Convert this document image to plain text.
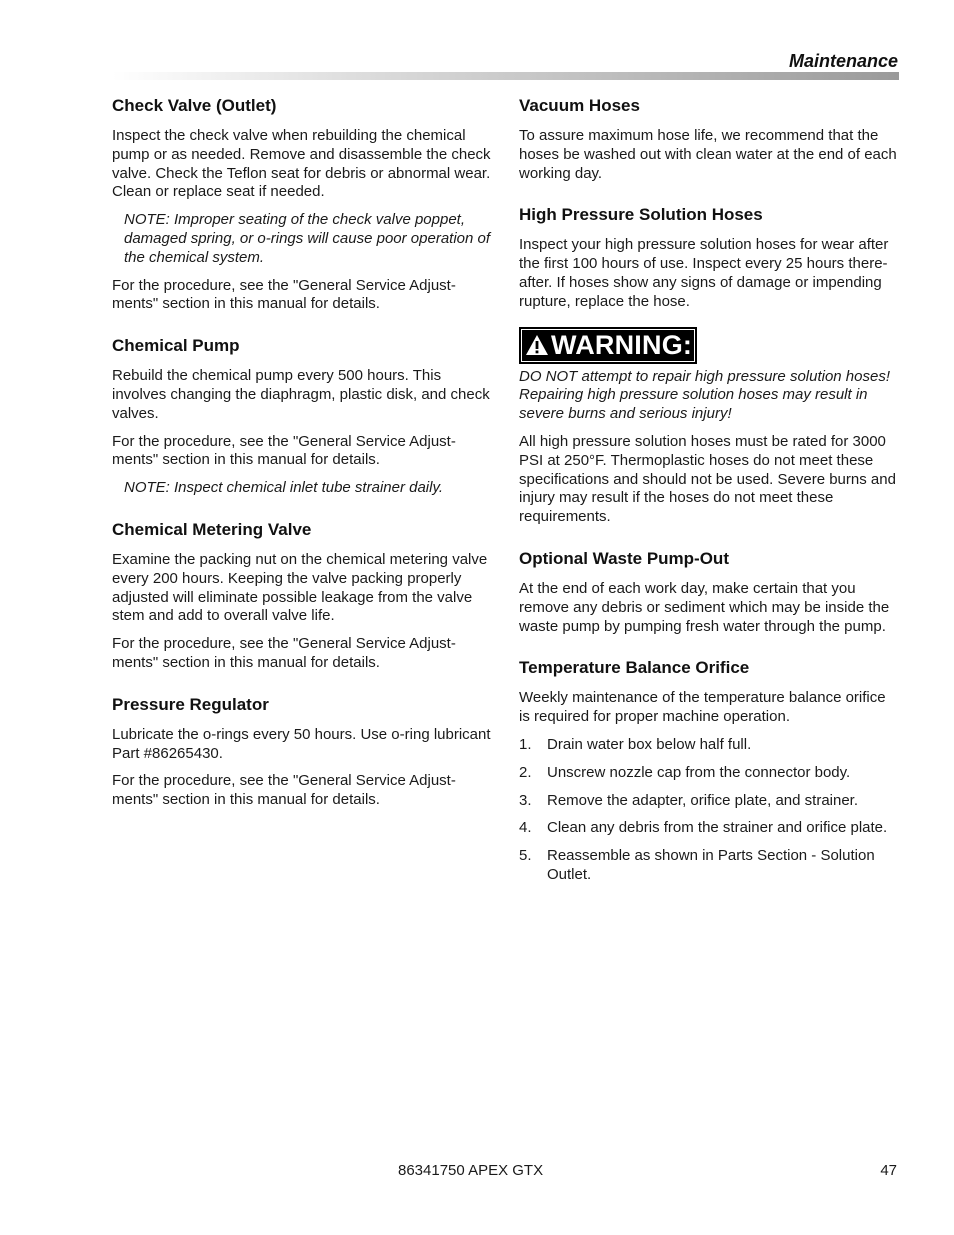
Maintenance
Check Valve (Outlet)

Inspect the check valve when rebuilding the chemical pump or as needed. Remove and disassemble the check valve. Check the Teflon seat for debris or abnormal wear. Clean or replace seat if needed.

NOTE: Improper seating of the check valve poppet, damaged spring, or o-rings will cause poor operation of the chemical system.

For the procedure, see the "General Service Adjust-ments" section in this manual for details.

Chemical Pump

Rebuild the chemical pump every 500 hours. This involves changing the diaphragm, plastic disk, and check valves.

For the procedure, see the "General Service Adjust-ments" section in this manual for details.

NOTE: Inspect chemical inlet tube strainer daily.

Chemical Metering Valve

Examine the packing nut on the chemical metering valve every 200 hours. Keeping the valve packing properly adjusted will eliminate possible leakage from the valve stem and add to overall valve life.

For the procedure, see the "General Service Adjust-ments" section in this manual for details.

Pressure Regulator

Lubricate the o-rings every 50 hours. Use o-ring lubricant Part #86265430.

For the procedure, see the "General Service Adjust-ments" section in this manual for details.

Vacuum Hoses

To assure maximum hose life, we recommend that the hoses be washed out with clean water at the end of each working day.

High Pressure Solution Hoses

Inspect your high pressure solution hoses for wear after the first 100 hours of use. Inspect every 25 hours there-after. If hoses show any signs of damage or impending rupture, replace the hose.

WARNING:

DO NOT attempt to repair high pressure solution hoses! Repairing high pressure solution hoses may result in severe burns and serious injury!

All high pressure solution hoses must be rated for 3000 PSI at 250°F. Thermoplastic hoses do not meet these specifications and should not be used. Severe burns and injury may result if the hoses do not meet these requirements.

Optional Waste Pump-Out

At the end of each work day, make certain that you remove any debris or sediment which may be inside the waste pump by pumping fresh water through the pump.

Temperature Balance Orifice

Weekly maintenance of the temperature balance orifice is required for proper machine operation.

1.	Drain water box below half full.
2.	Unscrew nozzle cap from the connector body.
3.	Remove the adapter, orifice plate, and strainer.
4.	Clean any debris from the strainer and orifice plate.
5.	Reassemble as shown in Parts Section - Solution Outlet.
86341750 APEX GTX	47
